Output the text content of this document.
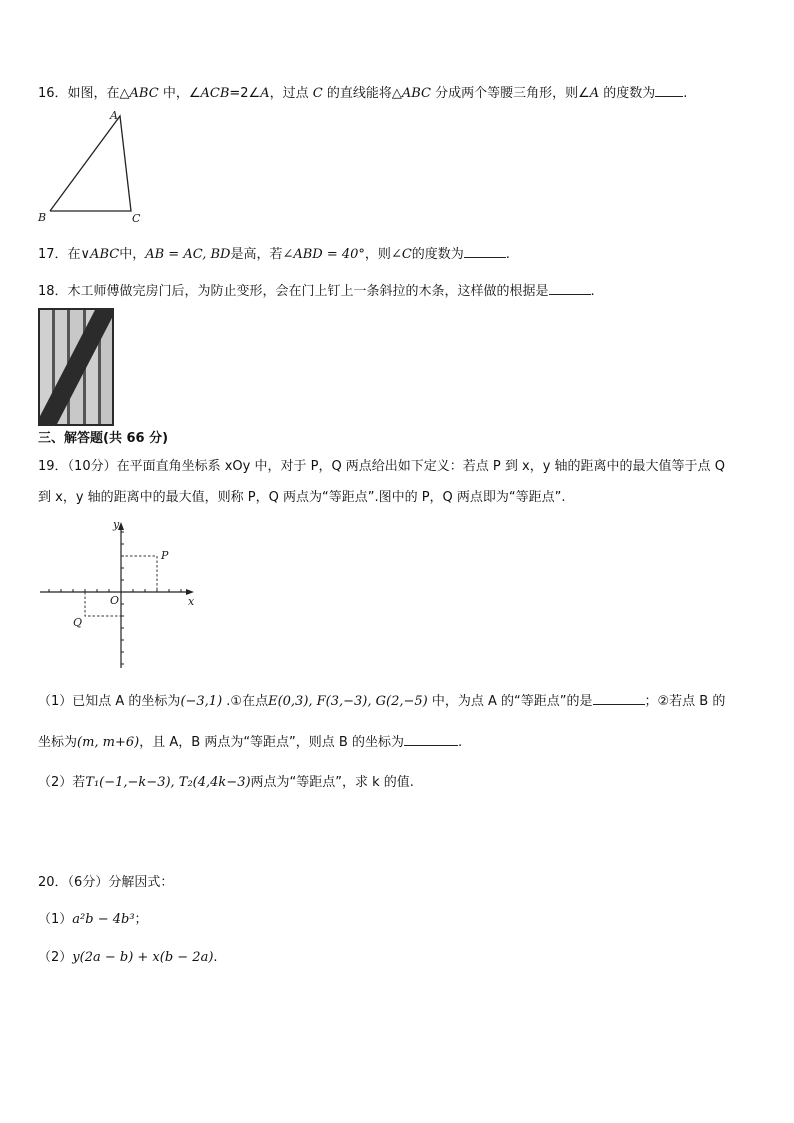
16．如图，在△ABC 中，∠ACB=2∠A，过点 C 的直线能将△ABC 分成两个等腰三角形，则∠A 的度数为 .
A
B	C
17．在∨ABC中，AB = AC, BD是高，若∠ABD = 40°，则∠C的度数为	.
18．木工师傅做完房门后，为防止变形，会在门上钉上一条斜拉的木条，这样做的根据是	.
三、解答题(共 66 分)
19．（10分）在平面直角坐标系 xOy 中，对于 P，Q 两点给出如下定义：若点 P 到 x，y 轴的距离中的最大值等于点 Q
到 x，y 轴的距离中的最大值，则称 P，Q 两点为“等距点”.图中的 P，Q 两点即为“等距点”.
y
x
O
P
Q
（1）已知点 A 的坐标为(−3,1) .①在点E(0,3), F(3,−3), G(2,−5) 中，为点 A 的“等距点”的是	；②若点 B 的
坐标为(m, m+6)，且 A，B 两点为“等距点”，则点 B 的坐标为	.
（2）若T₁(−1,−k−3), T₂(4,4k−3)两点为“等距点”，求 k 的值.
20．（6分）分解因式：
（1）a²b − 4b³；
（2）y(2a − b) + x(b − 2a).
